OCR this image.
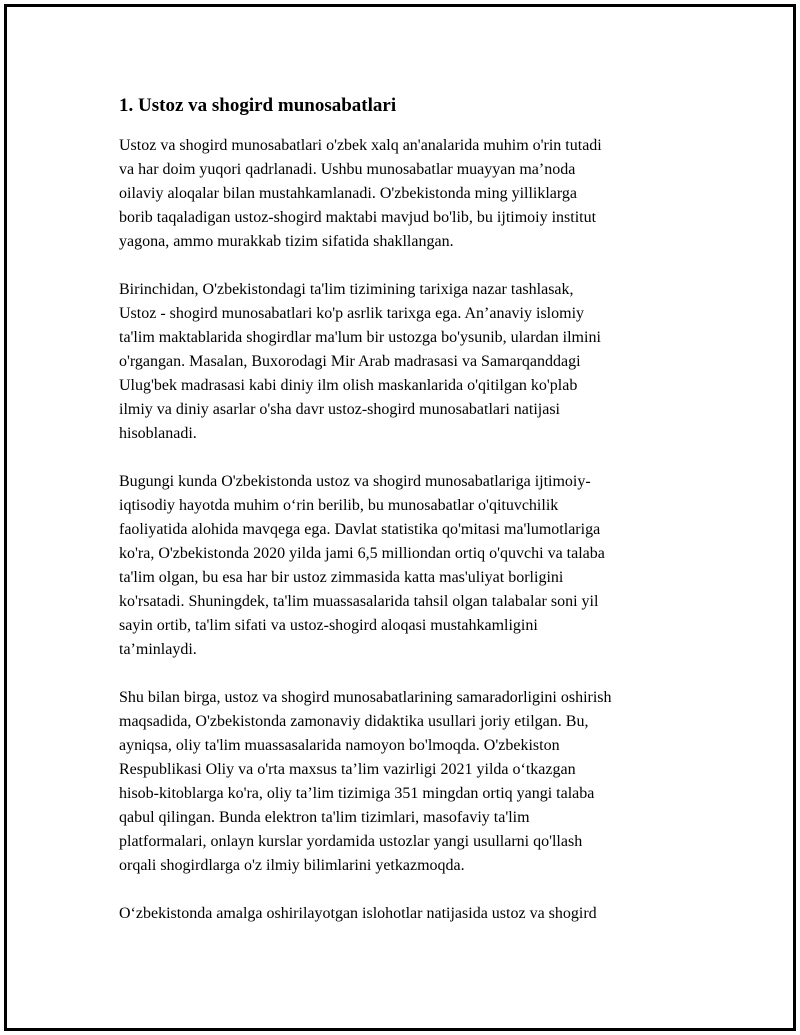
1. Ustoz va shogird munosabatlari

Ustoz va shogird munosabatlari o'zbek xalq an'analarida muhim o'rin tutadi
va har doim yuqori qadrlanadi. Ushbu munosabatlar muayyan ma’noda
oilaviy aloqalar bilan mustahkamlanadi. O'zbekistonda ming yilliklarga
borib taqaladigan ustoz-shogird maktabi mavjud bo'lib, bu ijtimoiy institut
yagona, ammo murakkab tizim sifatida shakllangan.

Birinchidan, O'zbekistondagi ta'lim tizimining tarixiga nazar tashlasak,
Ustoz - shogird munosabatlari ko'p asrlik tarixga ega. An’anaviy islomiy
ta'lim maktablarida shogirdlar ma'lum bir ustozga bo'ysunib, ulardan ilmini
o'rgangan. Masalan, Buxorodagi Mir Arab madrasasi va Samarqanddagi
Ulug'bek madrasasi kabi diniy ilm olish maskanlarida o'qitilgan ko'plab
ilmiy va diniy asarlar o'sha davr ustoz-shogird munosabatlari natijasi
hisoblanadi.

Bugungi kunda O'zbekistonda ustoz va shogird munosabatlariga ijtimoiy-
iqtisodiy hayotda muhim o‘rin berilib, bu munosabatlar o'qituvchilik
faoliyatida alohida mavqega ega. Davlat statistika qo'mitasi ma'lumotlariga
ko'ra, O'zbekistonda 2020 yilda jami 6,5 milliondan ortiq o'quvchi va talaba
ta'lim olgan, bu esa har bir ustoz zimmasida katta mas'uliyat borligini
ko'rsatadi. Shuningdek, ta'lim muassasalarida tahsil olgan talabalar soni yil
sayin ortib, ta'lim sifati va ustoz-shogird aloqasi mustahkamligini
ta’minlaydi.

Shu bilan birga, ustoz va shogird munosabatlarining samaradorligini oshirish
maqsadida, O'zbekistonda zamonaviy didaktika usullari joriy etilgan. Bu,
ayniqsa, oliy ta'lim muassasalarida namoyon bo'lmoqda. O'zbekiston
Respublikasi Oliy va o'rta maxsus ta’lim vazirligi 2021 yilda o‘tkazgan
hisob-kitoblarga ko'ra, oliy ta’lim tizimiga 351 mingdan ortiq yangi talaba
qabul qilingan. Bunda elektron ta'lim tizimlari, masofaviy ta'lim
platformalari, onlayn kurslar yordamida ustozlar yangi usullarni qo'llash
orqali shogirdlarga o'z ilmiy bilimlarini yetkazmoqda.

O‘zbekistonda amalga oshirilayotgan islohotlar natijasida ustoz va shogird
